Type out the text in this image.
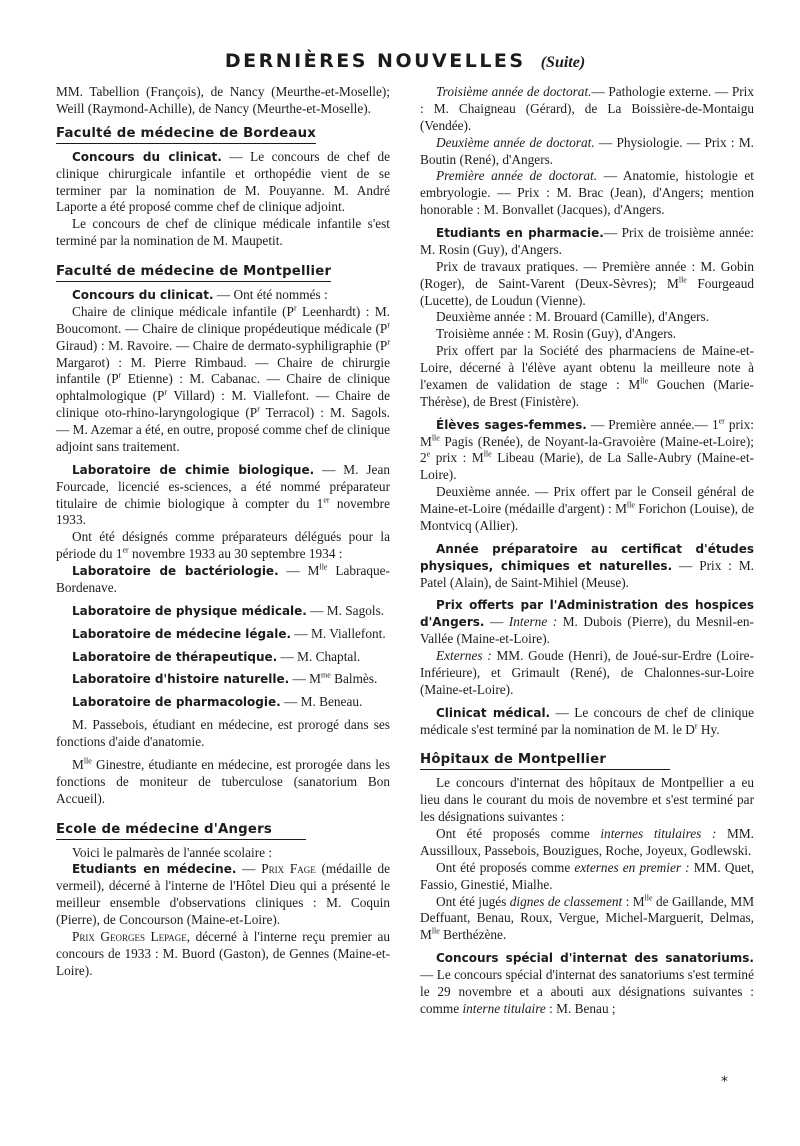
DERNIÈRES NOUVELLES (Suite)

MM. Tabellion (François), de Nancy (Meurthe-et-Moselle); Weill (Raymond-Achille), de Nancy (Meurthe-et-Moselle).

Faculté de médecine de Bordeaux

Concours du clinicat. — Le concours de chef de clinique chirurgicale infantile et orthopédie vient de se terminer par la nomination de M. Pouyanne. M. André Laporte a été proposé comme chef de clinique adjoint.

Le concours de chef de clinique médicale infantile s'est terminé par la nomination de M. Maupetit.

Faculté de médecine de Montpellier

Concours du clinicat. — Ont été nommés :

Chaire de clinique médicale infantile ($P^r$ Leenhardt) : M. Boucomont. — Chaire de clinique propédeutique médicale ($P^r$ Giraud) : M. Ravoire. — Chaire de dermato-syphiligraphie ($P^r$ Margarot) : M. Pierre Rimbaud. — Chaire de chirurgie infantile ($P^r$ Etienne) : M. Cabanac. — Chaire de clinique ophtalmologique ($P^r$ Villard) : M. Viallefont. — Chaire de clinique oto-rhino-laryngologique ($P^r$ Terracol) : M. Sagols. — M. Azemar a été, en outre, proposé comme chef de clinique adjoint sans traitement.

Laboratoire de chimie biologique. — M. Jean Fourcade, licencié es-sciences, a été nommé préparateur titulaire de chimie biologique à compter du 1er novembre 1933.

Ont été désignés comme préparateurs délégués pour la période du 1er novembre 1933 au 30 septembre 1934 :

Laboratoire de bactériologie. — $M^{lle}$ Labraque-Bordenave.

Laboratoire de physique médicale. — M. Sagols.

Laboratoire de médecine légale. — M. Viallefont.

Laboratoire de thérapeutique. — M. Chaptal.

Laboratoire d'histoire naturelle. — $M^{me}$ Balmès.

Laboratoire de pharmacologie. — M. Beneau.

M. Passebois, étudiant en médecine, est prorogé dans ses fonctions d'aide d'anatomie.

$M^{lle}$ Ginestre, étudiante en médecine, est prorogée dans les fonctions de moniteur de tuberculose (sanatorium Bon Accueil).

Ecole de médecine d'Angers

Voici le palmarès de l'année scolaire :

Etudiants en médecine. — Prix Fage (médaille de vermeil), décerné à l'interne de l'Hôtel Dieu qui a présenté le meilleur ensemble d'observations cliniques : M. Coquin (Pierre), de Concourson (Maine-et-Loire).

Prix Georges Lepage, décerné à l'interne reçu premier au concours de 1933 : M. Buord (Gaston), de Gennes (Maine-et-Loire).

Troisième année de doctorat.— Pathologie externe. — Prix : M. Chaigneau (Gérard), de La Boissière-de-Montaigu (Vendée).

Deuxième année de doctorat. — Physiologie. — Prix : M. Boutin (René), d'Angers.

Première année de doctorat. — Anatomie, histologie et embryologie. — Prix : M. Brac (Jean), d'Angers; mention honorable : M. Bonvallet (Jacques), d'Angers.

Etudiants en pharmacie.— Prix de troisième année: M. Rosin (Guy), d'Angers.

Prix de travaux pratiques. — Première année : M. Gobin (Roger), de Saint-Varent (Deux-Sèvres); $M^{lle}$ Fourgeaud (Lucette), de Loudun (Vienne).

Deuxième année : M. Brouard (Camille), d'Angers.

Troisième année : M. Rosin (Guy), d'Angers.

Prix offert par la Société des pharmaciens de Maine-et-Loire, décerné à l'élève ayant obtenu la meilleure note à l'examen de validation de stage : $M^{lle}$ Gouchen (Marie-Thérèse), de Brest (Finistère).

Élèves sages-femmes. — Première année.— 1er prix: $M^{lle}$ Pagis (Renée), de Noyant-la-Gravoière (Maine-et-Loire); 2e prix : $M^{lle}$ Libeau (Marie), de La Salle-Aubry (Maine-et-Loire).

Deuxième année. — Prix offert par le Conseil général de Maine-et-Loire (médaille d'argent) : $M^{lle}$ Forichon (Louise), de Montvicq (Allier).

Année préparatoire au certificat d'études physiques, chimiques et naturelles. — Prix : M. Patel (Alain), de Saint-Mihiel (Meuse).

Prix offerts par l'Administration des hospices d'Angers. — Interne : M. Dubois (Pierre), du Mesnil-en-Vallée (Maine-et-Loire).

Externes : MM. Goude (Henri), de Joué-sur-Erdre (Loire-Inférieure), et Grimault (René), de Chalonnes-sur-Loire (Maine-et-Loire).

Clinicat médical. — Le concours de chef de clinique médicale s'est terminé par la nomination de M. le $D^r$ Hy.

Hôpitaux de Montpellier

Le concours d'internat des hôpitaux de Montpellier a eu lieu dans le courant du mois de novembre et s'est terminé par les désignations suivantes :

Ont été proposés comme internes titulaires : MM. Aussilloux, Passebois, Bouzigues, Roche, Joyeux, Godlewski.

Ont été proposés comme externes en premier : MM. Quet, Fassio, Ginestié, Mialhe.

Ont été jugés dignes de classement : $M^{lle}$ de Gaillande, MM Deffuant, Benau, Roux, Vergue, Michel-Marguerit, Delmas, $M^{lle}$ Berthézène.

Concours spécial d'internat des sanatoriums. — Le concours spécial d'internat des sanatoriums s'est terminé le 29 novembre et a abouti aux désignations suivantes : comme interne titulaire : M. Benau ;

*
